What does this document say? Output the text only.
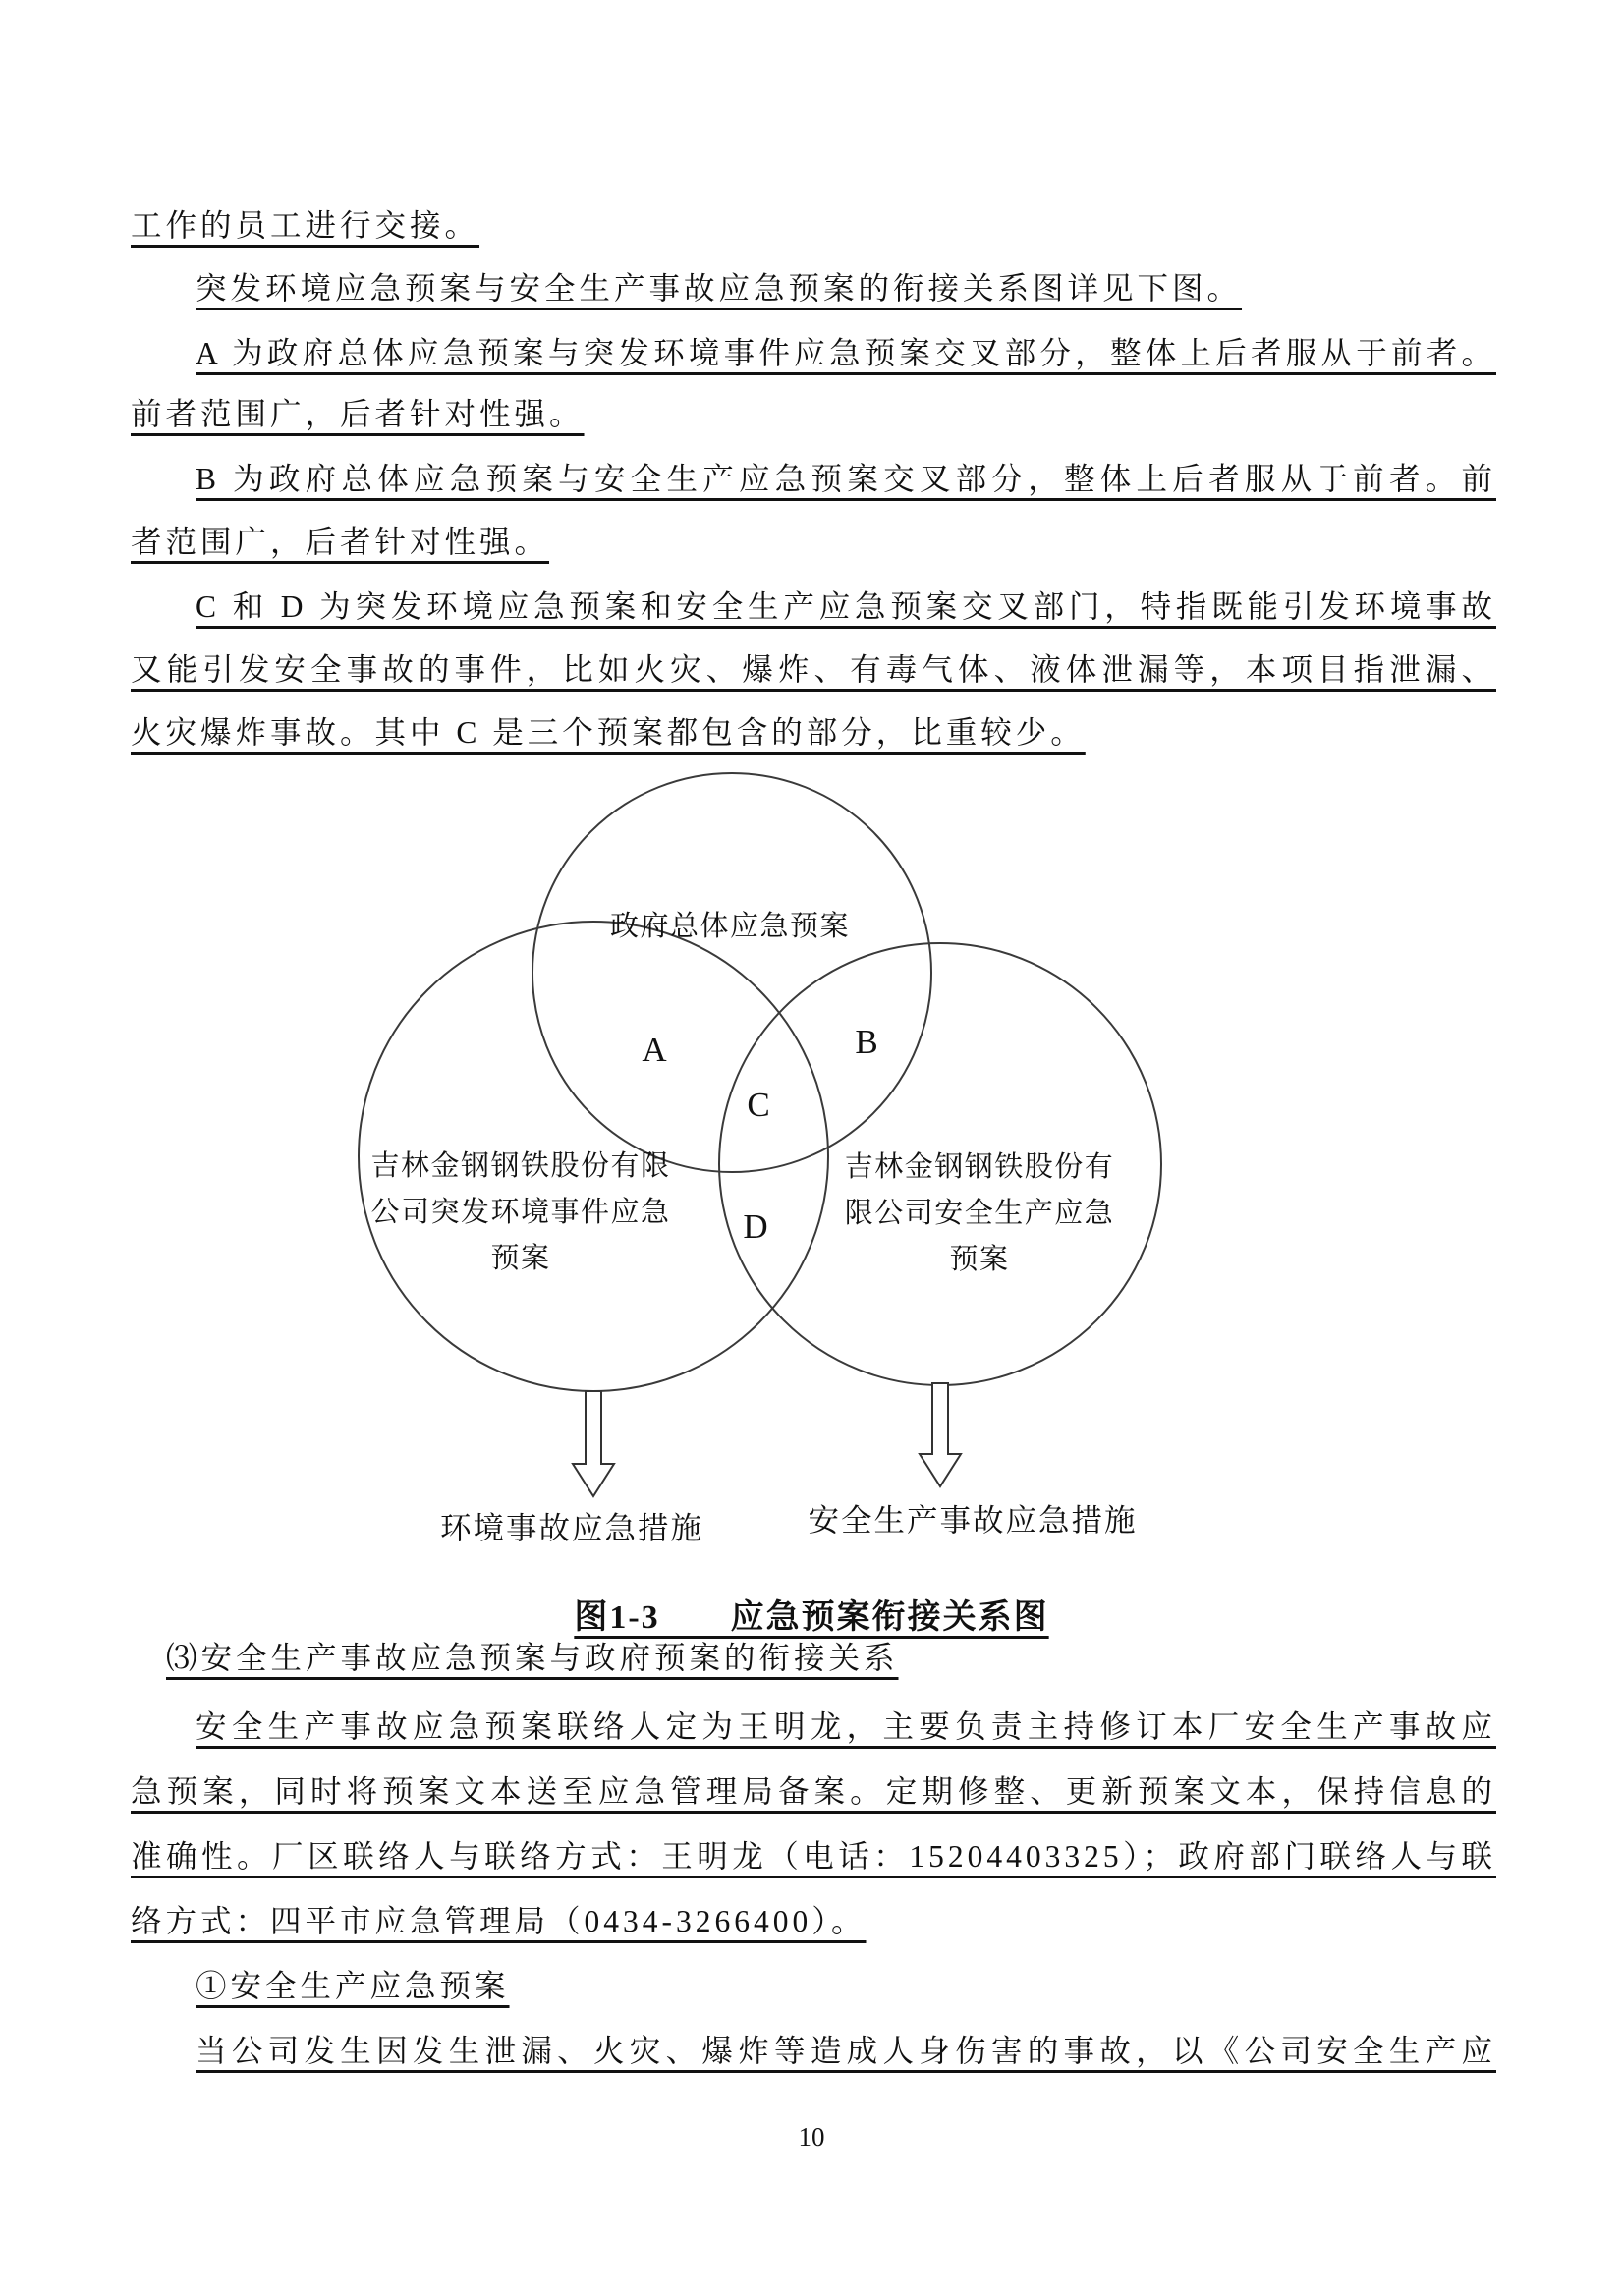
工作的员工进行交接。
突发环境应急预案与安全生产事故应急预案的衔接关系图详见下图。
A 为政府总体应急预案与突发环境事件应急预案交叉部分，整体上后者服从于前者。
前者范围广，后者针对性强。
B 为政府总体应急预案与安全生产应急预案交叉部分，整体上后者服从于前者。前
者范围广，后者针对性强。
C 和 D 为突发环境应急预案和安全生产应急预案交叉部门，特指既能引发环境事故
又能引发安全事故的事件，比如火灾、爆炸、有毒气体、液体泄漏等，本项目指泄漏、
火灾爆炸事故。其中 C 是三个预案都包含的部分，比重较少。
政府总体应急预案
吉林金钢钢铁股份有限
公司突发环境事件应急
预案
吉林金钢钢铁股份有
限公司安全生产应急
预案
A	B
C
D
环境事故应急措施	安全生产事故应急措施
图1-3　　应急预案衔接关系图
⑶安全生产事故应急预案与政府预案的衔接关系
安全生产事故应急预案联络人定为王明龙，主要负责主持修订本厂安全生产事故应
急预案，同时将预案文本送至应急管理局备案。定期修整、更新预案文本，保持信息的
准确性。厂区联络人与联络方式：王明龙（电话：15204403325）；政府部门联络人与联
络方式：四平市应急管理局（0434-3266400）。
①安全生产应急预案
当公司发生因发生泄漏、火灾、爆炸等造成人身伤害的事故，以《公司安全生产应
10
